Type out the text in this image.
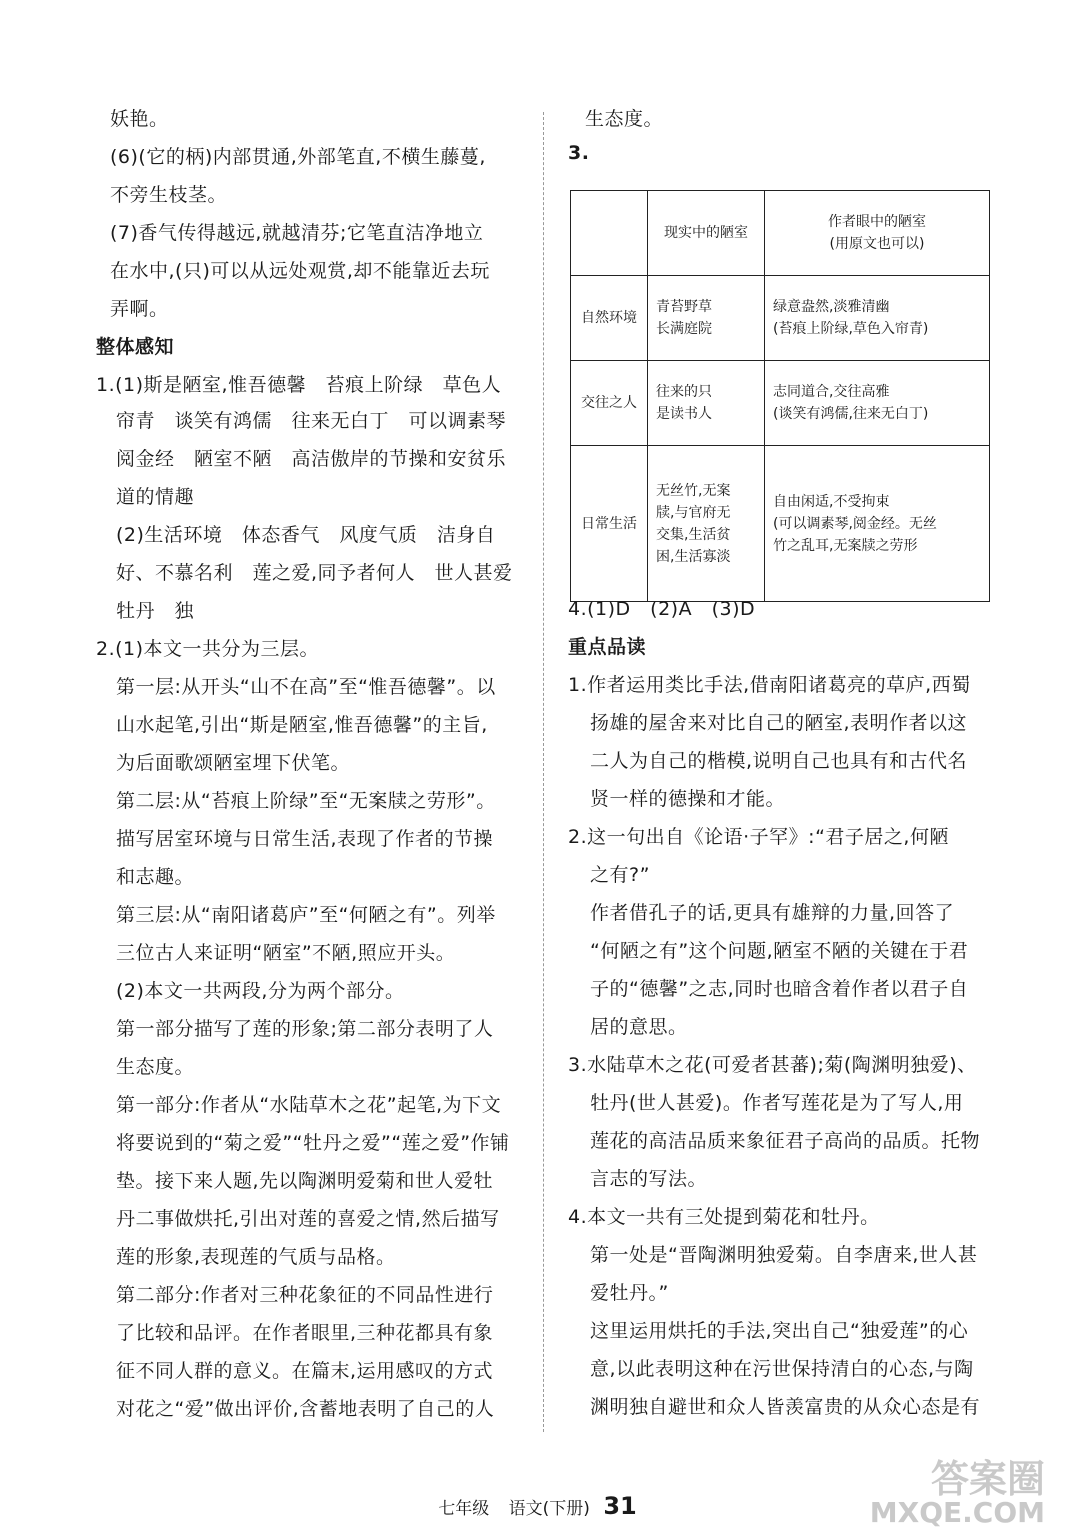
妖艳。
(6)(它的柄)内部贯通,外部笔直,不横生藤蔓,
不旁生枝茎。
(7)香气传得越远,就越清芬;它笔直洁净地立
在水中,(只)可以从远处观赏,却不能靠近去玩
弄啊。
整体感知
1.(1)斯是陋室,惟吾德馨　苔痕上阶绿　草色人
帘青　谈笑有鸿儒　往来无白丁　可以调素琴
阅金经　陋室不陋　高洁傲岸的节操和安贫乐
道的情趣
(2)生活环境　体态香气　风度气质　洁身自
好、不慕名利　莲之爱,同予者何人　世人甚爱
牡丹　独
2.(1)本文一共分为三层。
第一层:从开头“山不在高”至“惟吾德馨”。以
山水起笔,引出“斯是陋室,惟吾德馨”的主旨,
为后面歌颂陋室埋下伏笔。
第二层:从“苔痕上阶绿”至“无案牍之劳形”。
描写居室环境与日常生活,表现了作者的节操
和志趣。
第三层:从“南阳诸葛庐”至“何陋之有”。列举
三位古人来证明“陋室”不陋,照应开头。
(2)本文一共两段,分为两个部分。
第一部分描写了莲的形象;第二部分表明了人
生态度。
第一部分:作者从“水陆草木之花”起笔,为下文
将要说到的“菊之爱”“牡丹之爱”“莲之爱”作铺
垫。接下来人题,先以陶渊明爱菊和世人爱牡
丹二事做烘托,引出对莲的喜爱之情,然后描写
莲的形象,表现莲的气质与品格。
第二部分:作者对三种花象征的不同品性进行
了比较和品评。在作者眼里,三种花都具有象
征不同人群的意义。在篇末,运用感叹的方式
对花之“爱”做出评价,含蓄地表明了自己的人
生态度。
3.
	现实中的陋室	作者眼中的陋室
(用原文也可以)
自然环境	青苔野草
长满庭院	绿意盎然,淡雅清幽
(苔痕上阶绿,草色入帘青)
交往之人	往来的只
是读书人	志同道合,交往高雅
(谈笑有鸿儒,往来无白丁)
日常生活	无丝竹,无案
牍,与官府无
交集,生活贫
困,生活寡淡	自由闲适,不受拘束
(可以调素琴,阅金经。无丝
竹之乱耳,无案牍之劳形
4.(1)D　(2)A　(3)D
重点品读
1.作者运用类比手法,借南阳诸葛亮的草庐,西蜀
扬雄的屋舍来对比自己的陋室,表明作者以这
二人为自己的楷模,说明自己也具有和古代名
贤一样的德操和才能。
2.这一句出自《论语·子罕》:“君子居之,何陋
之有?”
作者借孔子的话,更具有雄辩的力量,回答了
“何陋之有”这个问题,陋室不陋的关键在于君
子的“德馨”之志,同时也暗含着作者以君子自
居的意思。
3.水陆草木之花(可爱者甚蕃);菊(陶渊明独爱)、
牡丹(世人甚爱)。作者写莲花是为了写人,用
莲花的高洁品质来象征君子高尚的品质。托物
言志的写法。
4.本文一共有三处提到菊花和牡丹。
第一处是“晋陶渊明独爱菊。自李唐来,世人甚
爱牡丹。”
这里运用烘托的手法,突出自己“独爱莲”的心
意,以此表明这种在污世保持清白的心态,与陶
渊明独自避世和众人皆羡富贵的从众心态是有
七年级 语文(下册) 31
答案圈
MXQE.COM
